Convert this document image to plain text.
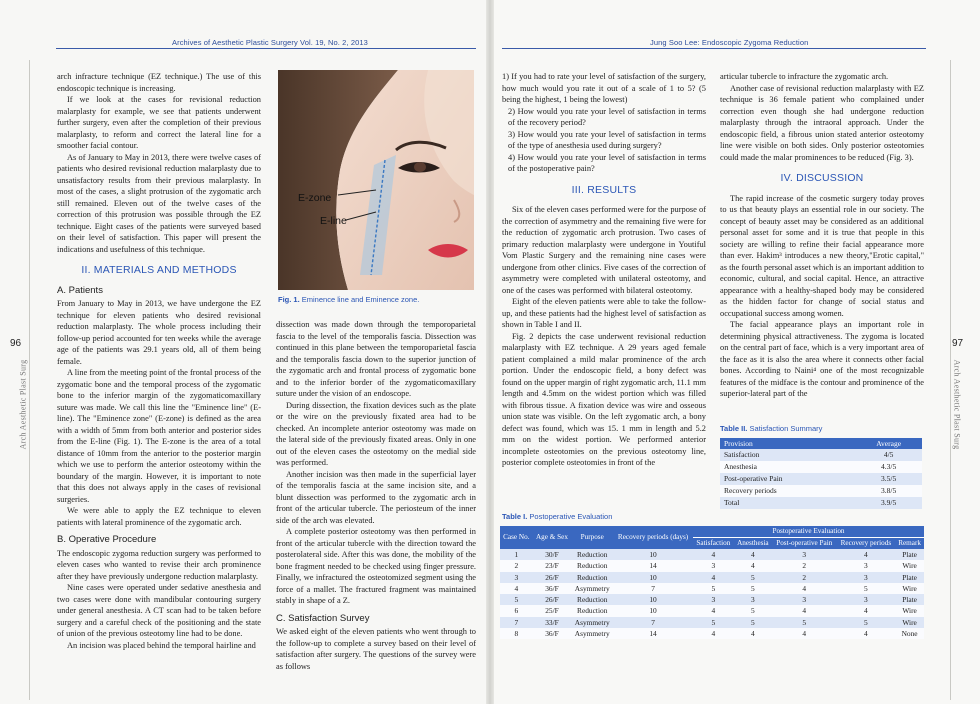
Archives of Aesthetic Plastic Surgery Vol. 19, No. 2, 2013
96
Arch Aesthetic Plast Surg

arch infracture technique (EZ technique.) The use of this endoscopic technique is increasing.

If we look at the cases for revisional reduction malarplasty for example, we see that patients underwent further surgery, even after the completion of their previous malarplasty, to reform and correct the lateral line for a smoother facial contour.

As of January to May in 2013, there were twelve cases of patients who desired revisional reduction malarplasty due to unsatisfactory results from their previous malarplasty. In most of the cases, a slight protrusion of the zygomatic arch still remained. Eleven out of the twelve cases of the correction of this protrusion was possible through the EZ technique. Eight cases of the patients were surveyed based on their level of satisfaction. This paper will present the indications and usefulness of this technique.

II. MATERIALS AND METHODS
A. Patients

From January to May in 2013, we have undergone the EZ technique for eleven patients who desired revisional reduction malarplasty. The whole process including their follow-up period accounted for ten weeks while the average age of the patients was 29.1 years old, all of them being female.

A line from the meeting point of the frontal process of the zygomatic bone and the temporal process of the zygomatic bone to the inferior margin of the zygomaticomaxillary suture was made. We call this line the "Eminence line" (E-line). The "Eminence zone" (E-zone) is defined as the area with a width of 5mm from both anterior and posterior sides from the E-line (Fig. 1). The E-zone is the area of a total distance of 10mm from the anterior to the posterior margin which we use to perform the anterior osteotomy within the boundary of the margin. However, it is important to note that this does not always apply in the cases of revisional surgeries.

We were able to apply the EZ technique to eleven patients with lateral prominence of the zygomatic arch.

B. Operative Procedure

The endoscopic zygoma reduction surgery was performed to eleven cases who wanted to revise their arch prominence after they have previously undergone reduction malarplasty.

Nine cases were operated under sedative anesthesia and two cases were done with mandibular contouring surgery under general anesthesia. A CT scan had to be taken before surgery and a careful check of the positioning and the state of union of the previous osteotomy line had to be done.

An incision was placed behind the temporal hairline and

E-zone
E-line
Fig. 1. Eminence line and Eminence zone.

dissection was made down through the temporoparietal fascia to the level of the temporalis fascia. Dissection was continued in this plane between the temporoparietal fascia and the temporalis fascia down to the superior junction of the zygomatic arch and frontal process of zygomatic bone and to the inferior border of the zygomaticomaxillary suture under the vision of an endoscope.

During dissection, the fixation devices such as the plate or the wire on the previously fixated area had to be checked. An incomplete anterior osteotomy was made on the lateral side of the previously fixated areas. Only in one out of the eleven cases the osteotomy on the medial side was performed.

Another incision was then made in the superficial layer of the temporalis fascia at the same incision site, and a blunt dissection was performed to the zygomatic arch in front of the articular tubercle. The periosteum of the inner side of the arch was elevated.

A complete posterior osteotomy was then performed in front of the articular tubercle with the direction toward the posterolateral side. After this was done, the mobility of the bone fragment needed to be checked using finger pressure. Finally, we infractured the osteotomized segment using the force of a mallet. The fractured fragment was maintained stably in shape of a Z.

C. Satisfaction Survey

We asked eight of the eleven patients who went through to the follow-up to complete a survey based on their level of satisfaction after surgery. The questions of the survey were as follows

Jung Soo Lee: Endoscopic Zygoma Reduction
97
Arch Aesthetic Plast Surg

1) If you had to rate your level of satisfaction of the surgery, how much would you rate it out of a scale of 1 to 5? (5 being the highest, 1 being the lowest)

2) How would you rate your level of satisfaction in terms of the recovery period?

3) How would you rate your level of satisfaction in terms of the type of anesthesia used during surgery?

4) How would you rate your level of satisfaction in terms of the postoperative pain?

III. RESULTS

Six of the eleven cases performed were for the purpose of the correction of asymmetry and the remaining five were for the reduction of zygomatic arch protrusion. Two cases of primary reduction malarplasty were undergone in Youtiful Vom Plastic Surgery and the remaining nine cases were undergone from other clinics. Five cases of the correction of asymmetry were completed with unilateral osteotomy, and one of the cases was performed with bilateral osteotomy.

Eight of the eleven patients were able to take the follow-up, and these patients had the highest level of satisfaction as shown in Table I and II.

Fig. 2 depicts the case underwent revisional reduction malarplasty with EZ technique. A 29 years aged female patient complained a mild malar prominence of the arch portion. Under the endoscopic field, a bony defect was found on the upper margin of right zygomatic arch, 11.1 mm length and 4.5mm on the widest portion which was filled with fibrous tissue. A fixation device was wire and osseous union state was visible. On the left zygomatic arch, a bony defect was found, which was 15. 1 mm in length and 5.2 mm on the widest portion. We performed anterior incomplete osteotomies on the previous osteotomy line, posterior complete osteotomies in front of the

articular tubercle to infracture the zygomatic arch.

Another case of revisional reduction malarplasty with EZ technique is 36 female patient who complained under correction even though she had undergone reduction malarplasty through the intraoral approach. Under the endoscopic field, a fibrous union stated anterior osteotomy line were visible on both sides. Only posterior osteotomies could made the malar prominences to be reduced (Fig. 3).

IV. DISCUSSION

The rapid increase of the cosmetic surgery today proves to us that beauty plays an essential role in our society. The concept of beauty asset may be considered as an additional personal asset for some and it is true that people in this society are willing to refine their facial appearance more than ever. Hakim³ introduces a new theory,"Erotic capital," as the fourth personal asset which is an important addition to economic, cultural, and social capital. Hence, an attractive appearance with a healthy-shaped body may be considered as the hidden factor for change of social status and occupational success among women.

The facial appearance plays an important role in determining physical attractiveness. The zygoma is located on the central part of face, which is a very important area of the face as it is also the area where it connects other facial bones. According to Naini⁴ one of the most recognizable features of the midface is the contour and prominence of the superior-lateral part of the

Table II. Satisfaction Summary
Provision	Average
Satisfaction	4/5
Anesthesia	4.3/5
Post-operative Pain	3.5/5
Recovery periods	3.8/5
Total	3.9/5
Table I. Postoperative Evaluation
Case No.	Age & Sex	Purpose	Recovery periods (days)	Postoperative Evaluation				
				Satisfaction	Anesthesia	Post-operative Pain	Recovery periods	Remark
1	30/F	Reduction	10	4	4	3	4	Plate
2	23/F	Reduction	14	3	4	2	3	Wire
3	26/F	Reduction	10	4	5	2	3	Plate
4	36/F	Asymmetry	7	5	5	4	5	Wire
5	26/F	Reduction	10	3	3	3	3	Plate
6	25/F	Reduction	10	4	5	4	4	Wire
7	33/F	Asymmetry	7	5	5	5	5	Wire
8	36/F	Asymmetry	14	4	4	4	4	None
